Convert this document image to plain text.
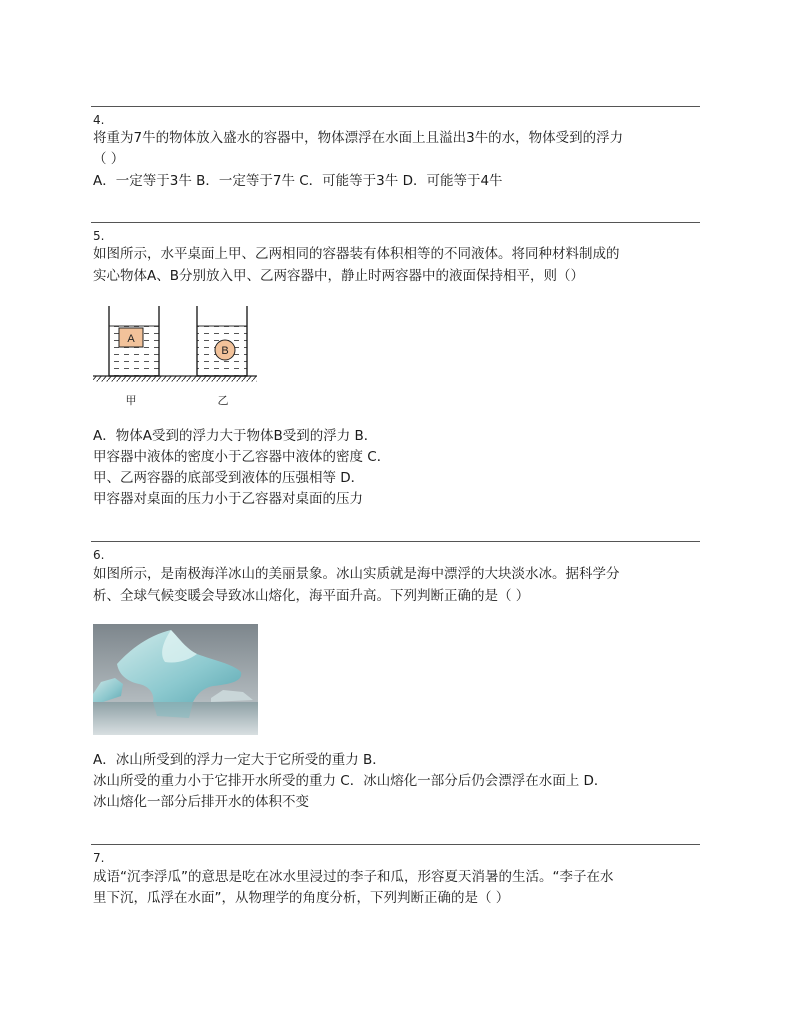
4.
将重为7牛的物体放入盛水的容器中，物体漂浮在水面上且溢出3牛的水，物体受到的浮力
（ ）
A．一定等于3牛 B．一定等于7牛 C．可能等于3牛 D．可能等于4牛
5.
如图所示，水平桌面上甲、乙两相同的容器装有体积相等的不同液体。将同种材料制成的
实心物体A、B分别放入甲、乙两容器中，静止时两容器中的液面保持相平，则（）
A
B
甲	乙
A．物体A受到的浮力大于物体B受到的浮力 B．
甲容器中液体的密度小于乙容器中液体的密度 C．
甲、乙两容器的底部受到液体的压强相等 D．
甲容器对桌面的压力小于乙容器对桌面的压力
6.
如图所示，是南极海洋冰山的美丽景象。冰山实质就是海中漂浮的大块淡水冰。据科学分
析、全球气候变暖会导致冰山熔化，海平面升高。下列判断正确的是（ ）
A．冰山所受到的浮力一定大于它所受的重力 B．
冰山所受的重力小于它排开水所受的重力 C．冰山熔化一部分后仍会漂浮在水面上 D．
冰山熔化一部分后排开水的体积不变
7.
成语“沉李浮瓜”的意思是吃在冰水里浸过的李子和瓜，形容夏天消暑的生活。“李子在水
里下沉，瓜浮在水面”，从物理学的角度分析，下列判断正确的是（ ）
